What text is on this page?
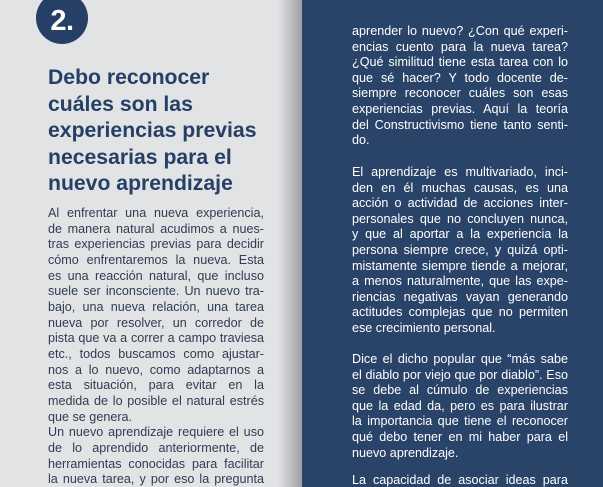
2.
Debo reconocer
cuáles son las
experiencias previas
necesarias para el
nuevo aprendizaje
Al enfrentar una nueva experiencia,
de manera natural acudimos a nues-
tras experiencias previas para decidir
cómo enfrentaremos la nueva. Esta
es una reacción natural, que incluso
suele ser inconsciente. Un nuevo tra-
bajo, una nueva relación, una tarea
nueva por resolver, un corredor de
pista que va a correr a campo traviesa
etc., todos buscamos como ajustar-
nos a lo nuevo, como adaptarnos a
esta situación, para evitar en la
medida de lo posible el natural estrés
que se genera.
Un nuevo aprendizaje requiere el uso
de lo aprendido anteriormente, de
herramientas conocidas para facilitar
la nueva tarea, y por eso la pregunta
aprender lo nuevo? ¿Con qué experi-
encias cuento para la nueva tarea?
¿Qué similitud tiene esta tarea con lo
que sé hacer? Y todo docente de-
siempre reconocer cuáles son esas
experiencias previas. Aquí la teoría
del Constructivismo tiene tanto senti-
do.
El aprendizaje es multivariado, inci-
den en él muchas causas, es una
acción o actividad de acciones inter-
personales que no concluyen nunca,
y que al aportar a la experiencia la
persona siempre crece, y quizá opti-
mistamente siempre tiende a mejorar,
a menos naturalmente, que las expe-
riencias negativas vayan generando
actitudes complejas que no permiten
ese crecimiento personal.
Dice el dicho popular que “más sabe
el diablo por viejo que por diablo”. Eso
se debe al cúmulo de experiencias
que la edad da, pero es para ilustrar
la importancia que tiene el reconocer
qué debo tener en mi haber para el
nuevo aprendizaje.
La capacidad de asociar ideas para
